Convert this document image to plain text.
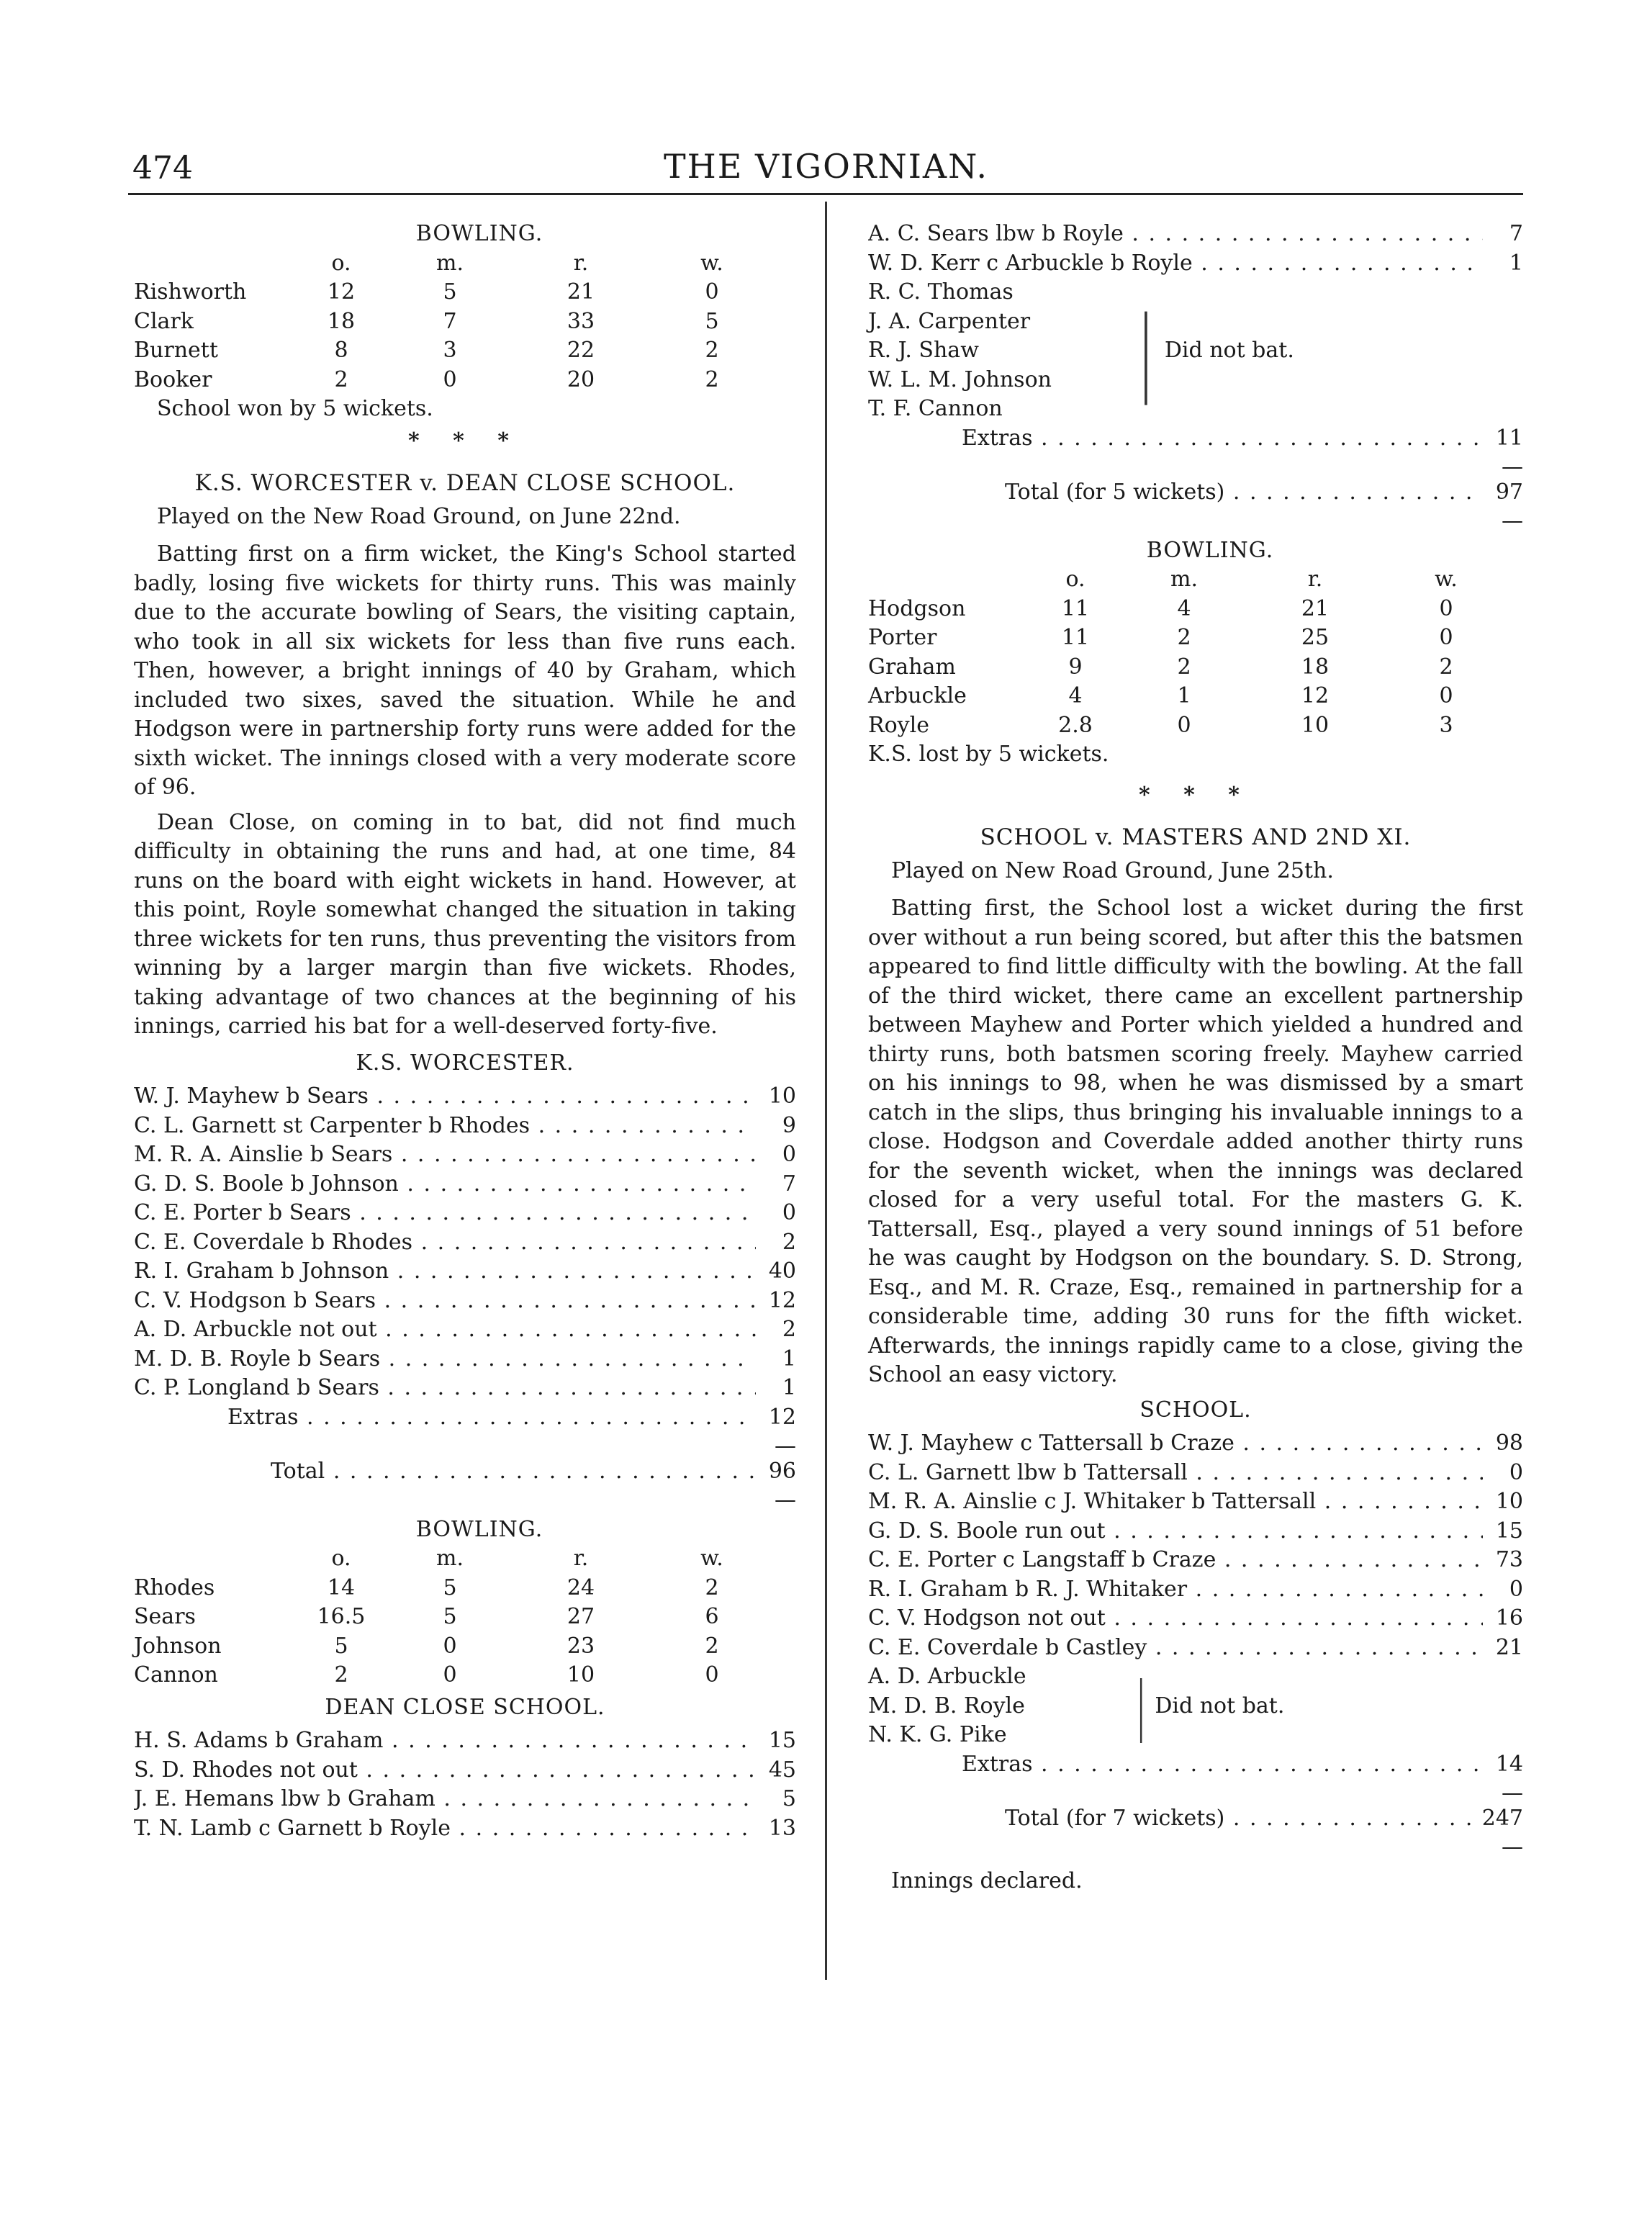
474	THE VIGORNIAN.
BOWLING.
o.	m.	r.	w.
Rishworth	12	5	21	0
Clark	18	7	33	5
Burnett	8	3	22	2
Booker	2	0	20	2
School won by 5 wickets.
* * *
K.S. WORCESTER v. DEAN CLOSE SCHOOL.
Played on the New Road Ground, on June 22nd.
Batting first on a firm wicket, the King's School started badly, losing five wickets for thirty runs. This was mainly due to the accurate bowling of Sears, the visiting captain, who took in all six wickets for less than five runs each. Then, however, a bright innings of 40 by Graham, which included two sixes, saved the situation. While he and Hodgson were in partnership forty runs were added for the sixth wicket. The innings closed with a very moderate score of 96.
Dean Close, on coming in to bat, did not find much difficulty in obtaining the runs and had, at one time, 84 runs on the board with eight wickets in hand. However, at this point, Royle somewhat changed the situation in taking three wickets for ten runs, thus preventing the visitors from winning by a larger margin than five wickets. Rhodes, taking advantage of two chances at the beginning of his innings, carried his bat for a well-deserved forty-five.
K.S. WORCESTER.
W. J. Mayhew b Sears . . .	10
C. L. Garnett st Carpenter b Rhodes . . .	9
M. R. A. Ainslie b Sears . . .	0
G. D. S. Boole b Johnson . . .	7
C. E. Porter b Sears . . .	0
C. E. Coverdale b Rhodes . . .	2
R. I. Graham b Johnson . . .	40
C. V. Hodgson b Sears . . .	12
A. D. Arbuckle not out . . .	2
M. D. B. Royle b Sears . . .	1
C. P. Longland b Sears . . .	1
Extras . . .	12
—
Total . . .	96
—
BOWLING.
o.	m.	r.	w.
Rhodes	14	5	24	2
Sears	16.5	5	27	6
Johnson	5	0	23	2
Cannon	2	0	10	0
DEAN CLOSE SCHOOL.
H. S. Adams b Graham . . .	15
S. D. Rhodes not out . . .	45
J. E. Hemans lbw b Graham . . .	5
T. N. Lamb c Garnett b Royle . . .	13
A. C. Sears lbw b Royle . . .	7
W. D. Kerr c Arbuckle b Royle . . .	1
R. C. Thomas
J. A. Carpenter
R. J. Shaw
W. L. M. Johnson
T. F. Cannon
| Did not bat.
Extras . . .	11
—
Total (for 5 wickets) . . .	97
—
BOWLING.
o.	m.	r.	w.
Hodgson	11	4	21	0
Porter	11	2	25	0
Graham	9	2	18	2
Arbuckle	4	1	12	0
Royle	2.8	0	10	3
K.S. lost by 5 wickets.
* * *
SCHOOL v. MASTERS AND 2ND XI.
Played on New Road Ground, June 25th.
Batting first, the School lost a wicket during the first over without a run being scored, but after this the batsmen appeared to find little difficulty with the bowling. At the fall of the third wicket, there came an excellent partnership between Mayhew and Porter which yielded a hundred and thirty runs, both batsmen scoring freely. Mayhew carried on his innings to 98, when he was dismissed by a smart catch in the slips, thus bringing his invaluable innings to a close. Hodgson and Coverdale added another thirty runs for the seventh wicket, when the innings was declared closed for a very useful total. For the masters G. K. Tattersall, Esq., played a very sound innings of 51 before he was caught by Hodgson on the boundary. S. D. Strong, Esq., and M. R. Craze, Esq., remained in partnership for a considerable time, adding 30 runs for the fifth wicket. Afterwards, the innings rapidly came to a close, giving the School an easy victory.
SCHOOL.
W. J. Mayhew c Tattersall b Craze . . .	98
C. L. Garnett lbw b Tattersall . . .	0
M. R. A. Ainslie c J. Whitaker b Tattersall . . .	10
G. D. S. Boole run out . . .	15
C. E. Porter c Langstaff b Craze . . .	73
R. I. Graham b R. J. Whitaker . . .	0
C. V. Hodgson not out . . .	16
C. E. Coverdale b Castley . . .	21
A. D. Arbuckle
M. D. B. Royle
N. K. G. Pike	| Did not bat.
Extras . . .	14
—
Total (for 7 wickets) . . .	247
—
Innings declared.
